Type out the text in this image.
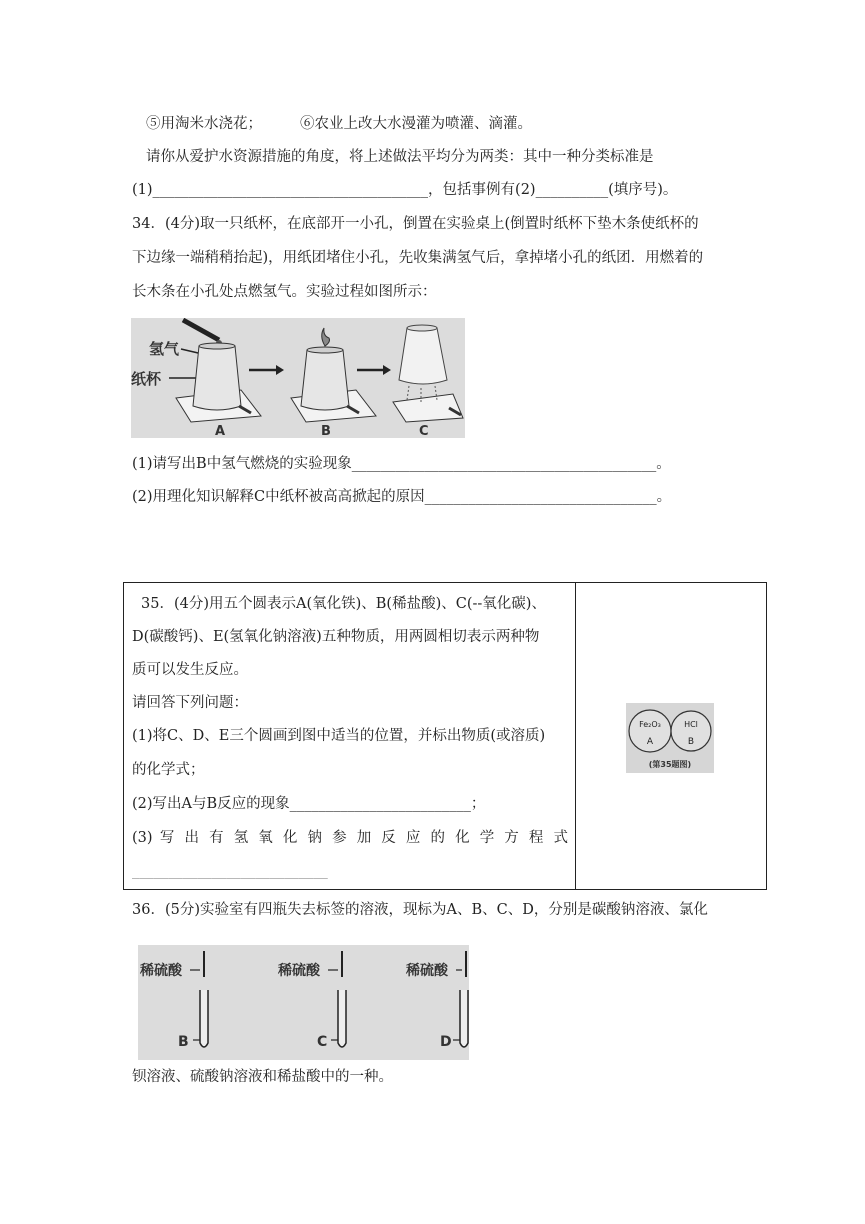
⑤用淘米水浇花；	⑥农业上改大水漫灌为喷灌、滴灌。
请你从爱护水资源措施的角度，将上述做法平均分为两类：其中一种分类标准是
(1)______________________________________，包括事例有(2)__________(填序号)。
34．(4分)取一只纸杯，在底部开一小孔，倒置在实验桌上(倒置时纸杯下垫木条使纸杯的
下边缘一端稍稍抬起)，用纸团堵住小孔，先收集满氢气后，拿掉堵小孔的纸团．用燃着的
长木条在小孔处点燃氢气。实验过程如图所示：
氢气
纸杯
A	B	C
(1)请写出B中氢气燃烧的实验现象__________________________________________。
(2)用理化知识解释C中纸杯被高高掀起的原因________________________________。
35．(4分)用五个圆表示A(氧化铁)、B(稀盐酸)、C(--氧化碳)、
D(碳酸钙)、E(氢氧化钠溶液)五种物质，用两圆相切表示两种物
质可以发生反应。
请回答下列问题：
(1)将C、D、E三个圆画到图中适当的位置，并标出物质(或溶质)
的化学式；
(2)写出A与B反应的现象_________________________；
(3) 写 出 有 氢 氧 化 钠 参 加 反 应 的 化 学 方 程 式
___________________________
Fe₂O₃
A
HCl
B
(第35题图)
36．(5分)实验室有四瓶失去标签的溶液，现标为A、B、C、D，分别是碳酸钠溶液、氯化
稀硫酸
B
稀硫酸
C
稀硫酸
D
钡溶液、硫酸钠溶液和稀盐酸中的一种。
